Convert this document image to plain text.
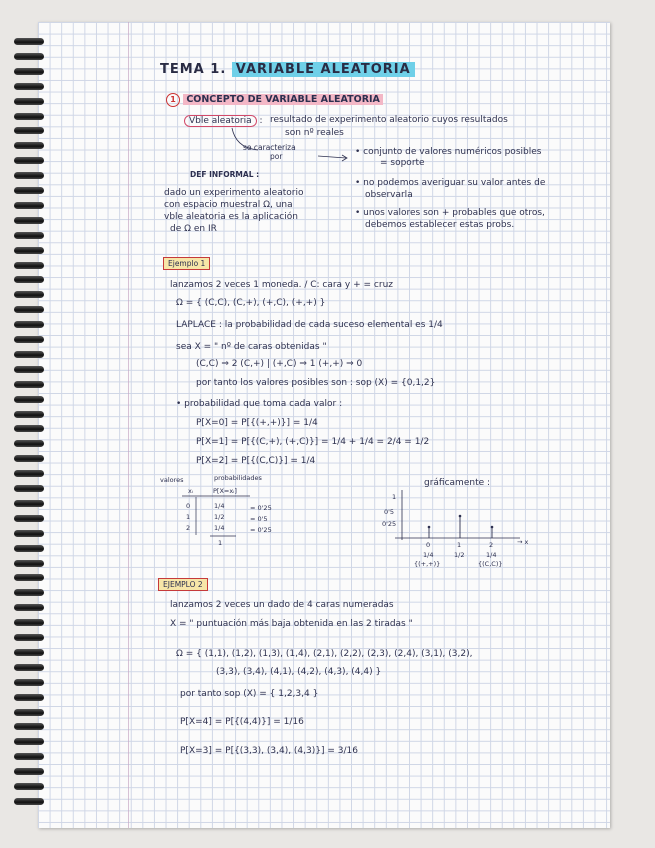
TEMA 1. VARIABLE ALEATORIA
1 CONCEPTO DE VARIABLE ALEATORIA
Vble aleatoria : resultado de experimento aleatorio cuyos resultados
son nº reales
se caracteriza
por
DEF INFORMAL :
dado un experimento aleatorio
con espacio muestral Ω, una
vble aleatoria es la aplicación
de Ω en IR
• conjunto de valores numéricos posibles
= soporte
• no podemos averiguar su valor antes de
observarla
• unos valores son + probables que otros,
debemos establecer estas probs.
Ejemplo 1
lanzamos 2 veces 1 moneda. / C: cara y + = cruz
Ω = { (C,C), (C,+), (+,C), (+,+) }
LAPLACE : la probabilidad de cada suceso elemental es 1/4
sea X = " nº de caras obtenidas "
(C,C) ⇒ 2 (C,+) | (+,C) ⇒ 1 (+,+) ⇒ 0
por tanto los valores posibles son : sop (X) = {0,1,2}
• probabilidad que toma cada valor :
P[X=0] = P[{(+,+)}] = 1/4
P[X=1] = P[{(C,+), (+,C)}] = 1/4 + 1/4 = 2/4 = 1/2
P[X=2] = P[{(C,C)}] = 1/4
valores	probabilidades
xᵢ	P[X=xᵢ]
0	1/4	= 0'25
1	1/2	= 0'5
2	1/4	= 0'25
1
gráficamente :
1
0'5
0'25
0	1	2	→ x
1/4	1/2	1/4
{(+,+)}	{(C,C)}
EJEMPLO 2
lanzamos 2 veces un dado de 4 caras numeradas
X = " puntuación más baja obtenida en las 2 tiradas "
Ω = { (1,1), (1,2), (1,3), (1,4), (2,1), (2,2), (2,3), (2,4), (3,1), (3,2),
(3,3), (3,4), (4,1), (4,2), (4,3), (4,4) }
por tanto sop (X) = { 1,2,3,4 }
P[X=4] = P[{(4,4)}] = 1/16
P[X=3] = P[{(3,3), (3,4), (4,3)}] = 3/16
